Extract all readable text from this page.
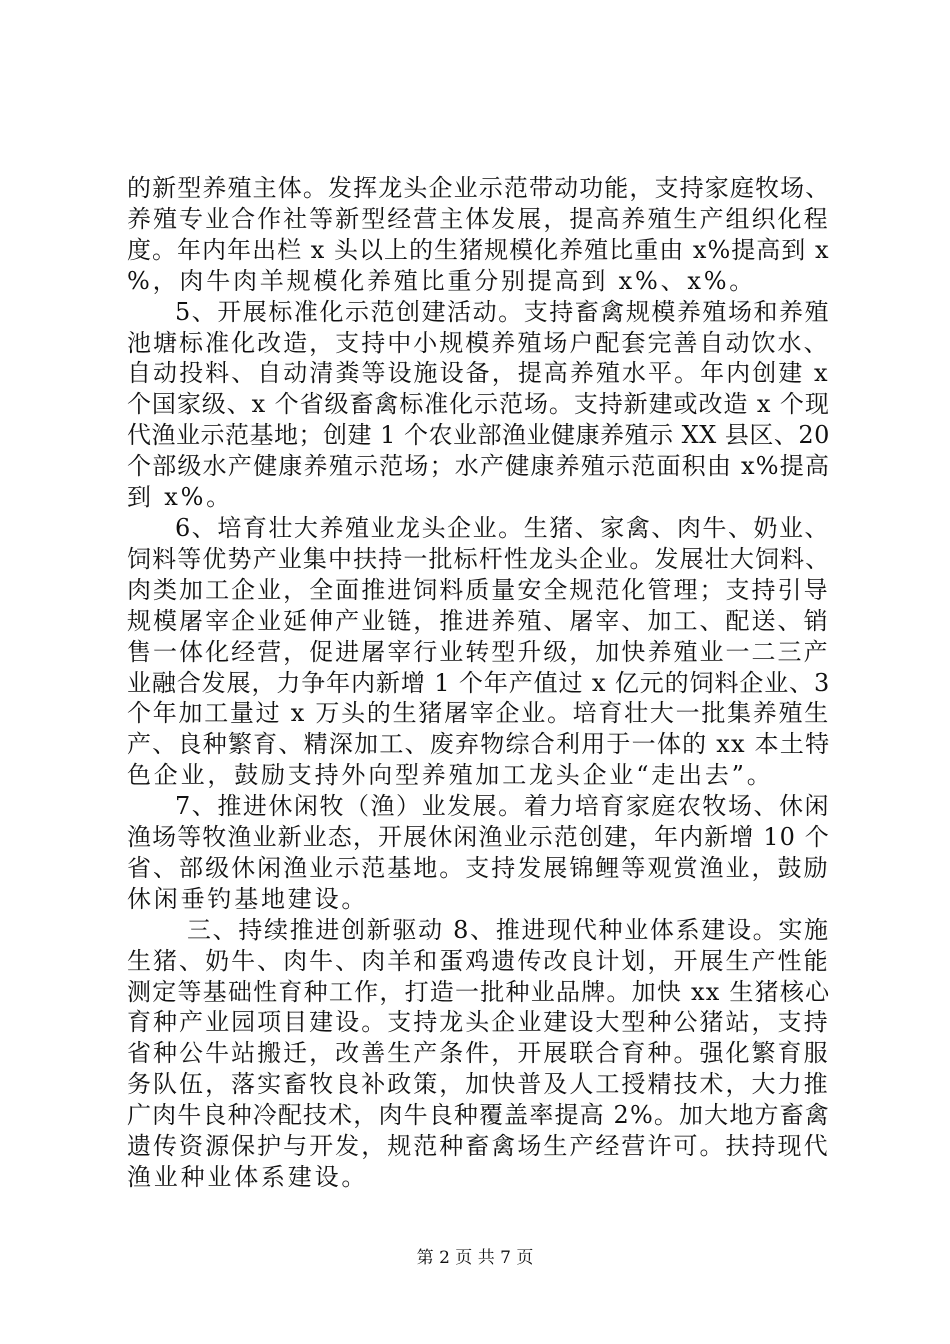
的新型养殖主体。发挥龙头企业示范带动功能，支持家庭牧场、
养殖专业合作社等新型经营主体发展，提高养殖生产组织化程
度。年内年出栏 x 头以上的生猪规模化养殖比重由 x%提高到 x
%，肉牛肉羊规模化养殖比重分别提高到 x%、x%。
5、开展标准化示范创建活动。支持畜禽规模养殖场和养殖
池塘标准化改造，支持中小规模养殖场户配套完善自动饮水、
自动投料、自动清粪等设施设备，提高养殖水平。年内创建 x
个国家级、x 个省级畜禽标准化示范场。支持新建或改造 x 个现
代渔业示范基地；创建 1 个农业部渔业健康养殖示 XX 县区、20
个部级水产健康养殖示范场；水产健康养殖示范面积由 x%提高
到 x%。
6、培育壮大养殖业龙头企业。生猪、家禽、肉牛、奶业、
饲料等优势产业集中扶持一批标杆性龙头企业。发展壮大饲料、
肉类加工企业，全面推进饲料质量安全规范化管理；支持引导
规模屠宰企业延伸产业链，推进养殖、屠宰、加工、配送、销
售一体化经营，促进屠宰行业转型升级，加快养殖业一二三产
业融合发展，力争年内新增 1 个年产值过 x 亿元的饲料企业、3
个年加工量过 x 万头的生猪屠宰企业。培育壮大一批集养殖生
产、良种繁育、精深加工、废弃物综合利用于一体的 xx 本土特
色企业，鼓励支持外向型养殖加工龙头企业“走出去”。
7、推进休闲牧（渔）业发展。着力培育家庭农牧场、休闲
渔场等牧渔业新业态，开展休闲渔业示范创建，年内新增 10 个
省、部级休闲渔业示范基地。支持发展锦鲤等观赏渔业，鼓励
休闲垂钓基地建设。
三、持续推进创新驱动 8、推进现代种业体系建设。实施
生猪、奶牛、肉牛、肉羊和蛋鸡遗传改良计划，开展生产性能
测定等基础性育种工作，打造一批种业品牌。加快 xx 生猪核心
育种产业园项目建设。支持龙头企业建设大型种公猪站，支持
省种公牛站搬迁，改善生产条件，开展联合育种。强化繁育服
务队伍，落实畜牧良补政策，加快普及人工授精技术，大力推
广肉牛良种冷配技术，肉牛良种覆盖率提高 2%。加大地方畜禽
遗传资源保护与开发，规范种畜禽场生产经营许可。扶持现代
渔业种业体系建设。
第 2 页 共 7 页
